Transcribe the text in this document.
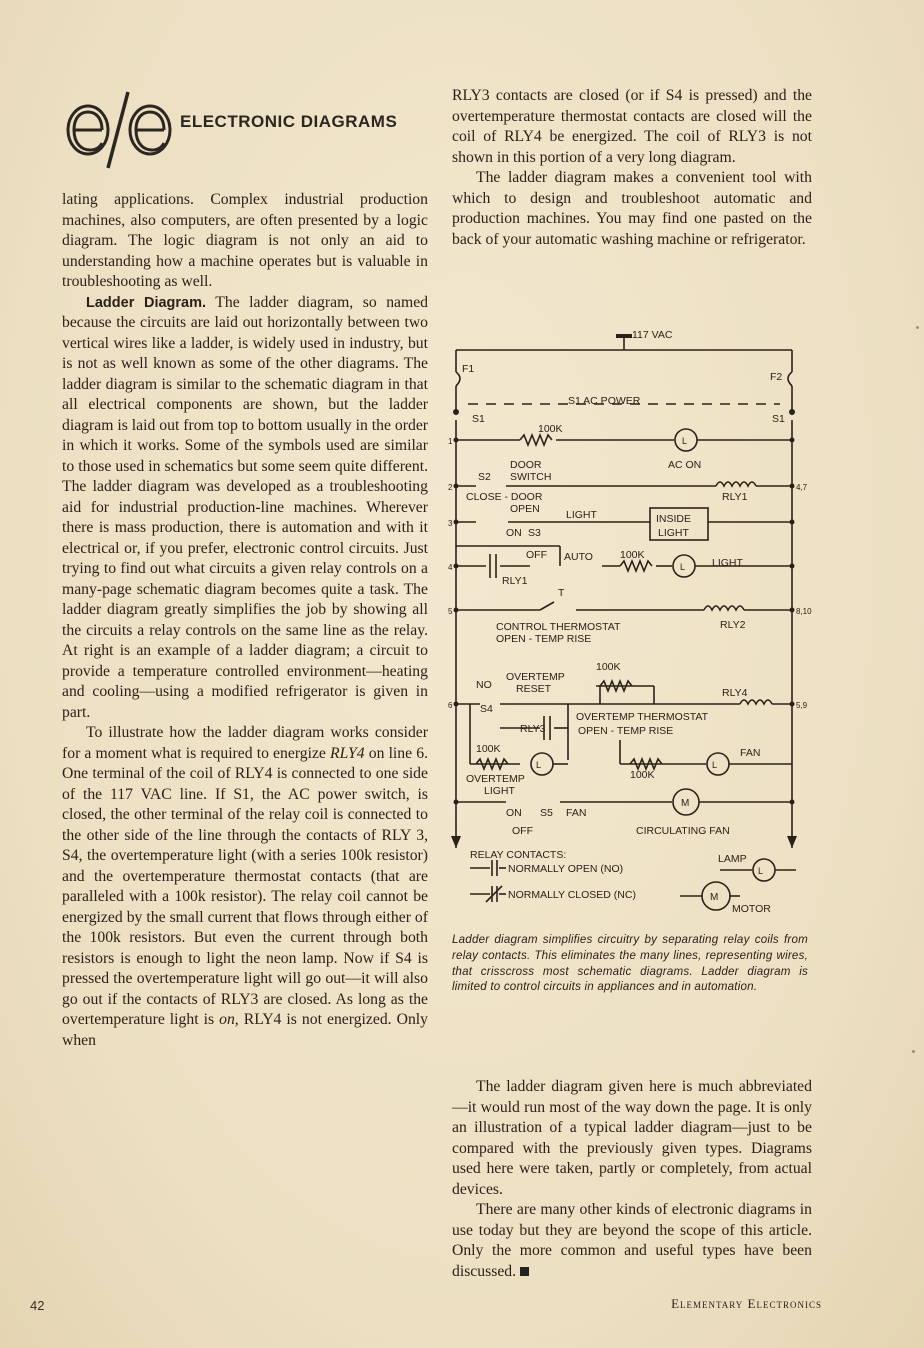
ELECTRONIC DIAGRAMS

lating applications. Complex industrial production machines, also computers, are often presented by a logic diagram. The logic diagram is not only an aid to understanding how a machine operates but is valuable in troubleshooting as well.

Ladder Diagram. The ladder diagram, so named because the circuits are laid out horizontally between two vertical wires like a ladder, is widely used in industry, but is not as well known as some of the other diagrams. The ladder diagram is similar to the schematic diagram in that all electrical components are shown, but the ladder diagram is laid out from top to bottom usually in the order in which it works. Some of the symbols used are similar to those used in schematics but some seem quite different. The ladder diagram was developed as a troubleshooting aid for industrial production-line machines. Wherever there is mass production, there is automation and with it electrical or, if you prefer, electronic control circuits. Just trying to find out what circuits a given relay controls on a many-page schematic diagram becomes quite a task. The ladder diagram greatly simplifies the job by showing all the circuits a relay controls on the same line as the relay. At right is an example of a ladder diagram; a circuit to provide a temperature controlled environment—heating and cooling—using a modified refrigerator is given in part.

To illustrate how the ladder diagram works consider for a moment what is required to energize RLY4 on line 6. One terminal of the coil of RLY4 is connected to one side of the 117 VAC line. If S1, the AC power switch, is closed, the other terminal of the relay coil is connected to the other side of the line through the contacts of RLY 3, S4, the overtemperature light (with a series 100k resistor) and the overtemperature thermostat contacts (that are paralleled with a 100k resistor). The relay coil cannot be energized by the small current that flows through either of the 100k resistors. But even the current through both resistors is enough to light the neon lamp. Now if S4 is pressed the overtemperature light will go out—it will also go out if the contacts of RLY3 are closed. As long as the overtemperature light is on, RLY4 is not energized. Only when

RLY3 contacts are closed (or if S4 is pressed) and the overtemperature thermostat contacts are closed will the coil of RLY4 be energized. The coil of RLY3 is not shown in this portion of a very long diagram.

The ladder diagram makes a convenient tool with which to design and troubleshoot automatic and production machines. You may find one pasted on the back of your automatic washing machine or refrigerator.

117 VAC
F1
F2
S1 AC POWER
S1	S1
1
2
3
4
5
6
4,7
8,10
5,9
100K
L
AC ON
S2
DOOR
SWITCH
CLOSE - DOOR	RLY1
OPEN LIGHT
ON S3
INSIDE
LIGHT
OFF AUTO	100K
L	LIGHT
RLY1
T
CONTROL THERMOSTAT
OPEN - TEMP RISE
RLY2
100K
NO
OVERTEMP
RESET
S4
RLY4
RLY3
OVERTEMP THERMOSTAT
OPEN - TEMP RISE
100K
L
100K
L
FAN
OVERTEMP
LIGHT
ON S5 FAN
OFF
M
CIRCULATING FAN
RELAY CONTACTS:
NORMALLY OPEN (NO)
NORMALLY CLOSED (NC)
LAMP
L
M
MOTOR
Ladder diagram simplifies circuitry by separating relay coils from relay contacts. This eliminates the many lines, representing wires, that crisscross most schematic diagrams. Ladder diagram is limited to control circuits in appliances and in automation.

The ladder diagram given here is much abbreviated—it would run most of the way down the page. It is only an illustration of a typical ladder diagram—just to be compared with the previously given types. Diagrams used here were taken, partly or completely, from actual devices.

There are many other kinds of electronic diagrams in use today but they are beyond the scope of this article. Only the more common and useful types have been discussed.

42	Elementary Electronics
